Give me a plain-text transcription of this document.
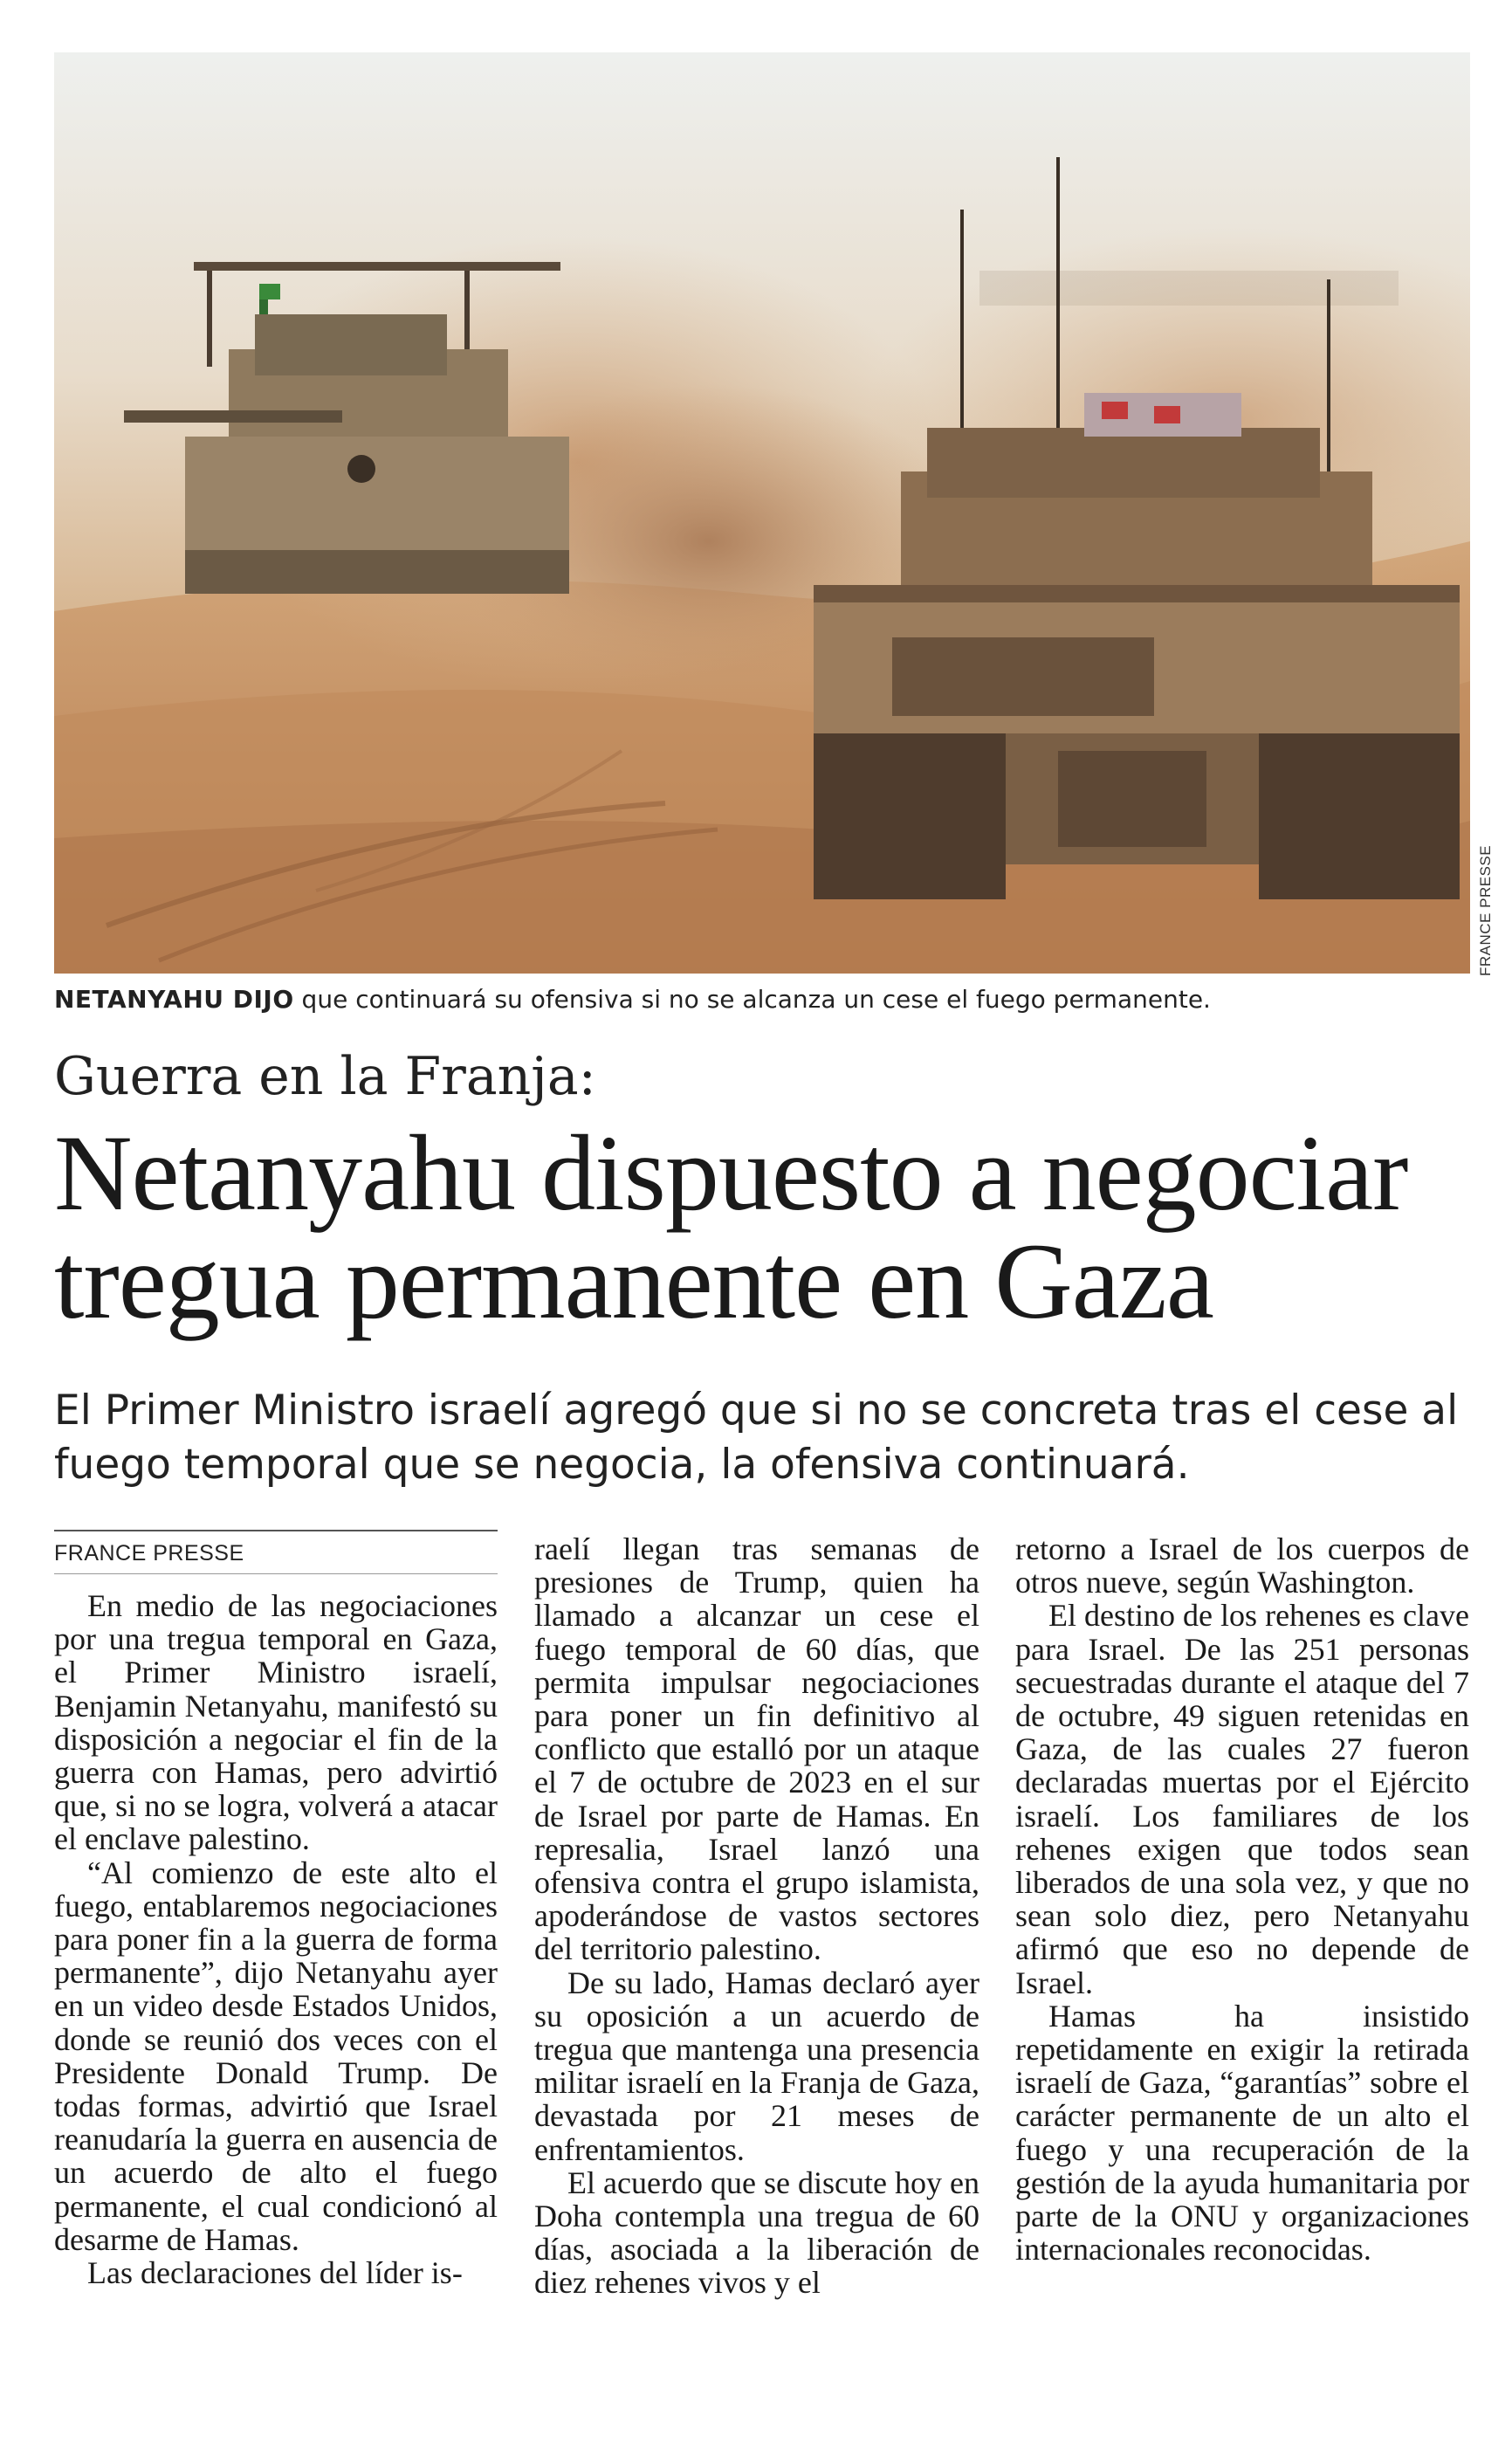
FRANCE PRESSE
NETANYAHU DIJO que continuará su ofensiva si no se alcanza un cese el fuego permanente.
Guerra en la Franja:
Netanyahu dispuesto a negociar
tregua permanente en Gaza
El Primer Ministro israelí agregó que si no se concreta tras el cese al
fuego temporal que se negocia, la ofensiva continuará.
FRANCE PRESSE

En medio de las negociaciones por una tregua temporal en Gaza, el Primer Ministro israelí, Benjamin Netanyahu, manifestó su disposición a negociar el fin de la guerra con Hamas, pero advirtió que, si no se logra, volverá a atacar el enclave palestino.

“Al comienzo de este alto el fuego, entablaremos negociaciones para poner fin a la guerra de forma permanente”, dijo Netanyahu ayer en un video desde Estados Unidos, donde se reunió dos veces con el Presidente Donald Trump. De todas formas, advirtió que Israel reanudaría la guerra en ausencia de un acuerdo de alto el fuego permanente, el cual condicionó al desarme de Hamas.

Las declaraciones del líder is-

raelí llegan tras semanas de presiones de Trump, quien ha llamado a alcanzar un cese el fuego temporal de 60 días, que permita impulsar negociaciones para poner un fin definitivo al conflicto que estalló por un ataque el 7 de octubre de 2023 en el sur de Israel por parte de Hamas. En represalia, Israel lanzó una ofensiva contra el grupo islamista, apoderándose de vastos sectores del territorio palestino.

De su lado, Hamas declaró ayer su oposición a un acuerdo de tregua que mantenga una presencia militar israelí en la Franja de Gaza, devastada por 21 meses de enfrentamientos.

El acuerdo que se discute hoy en Doha contempla una tregua de 60 días, asociada a la liberación de diez rehenes vivos y el

retorno a Israel de los cuerpos de otros nueve, según Washington.

El destino de los rehenes es clave para Israel. De las 251 personas secuestradas durante el ataque del 7 de octubre, 49 siguen retenidas en Gaza, de las cuales 27 fueron declaradas muertas por el Ejército israelí. Los familiares de los rehenes exigen que todos sean liberados de una sola vez, y que no sean solo diez, pero Netanyahu afirmó que eso no depende de Israel.

Hamas ha insistido repetidamente en exigir la retirada israelí de Gaza, “garantías” sobre el carácter permanente de un alto el fuego y una recuperación de la gestión de la ayuda humanitaria por parte de la ONU y organizaciones internacionales reconocidas.
